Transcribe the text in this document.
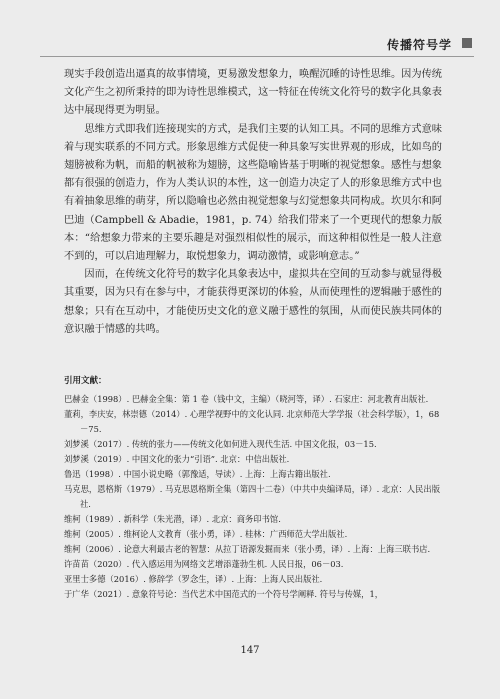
传播符号学

现实手段创造出逼真的故事情境，更易激发想象力，唤醒沉睡的诗性思维。因为传统文化产生之初所秉持的即为诗性思维模式，这一特征在传统文化符号的数字化具象表达中展现得更为明显。

思维方式即我们连接现实的方式，是我们主要的认知工具。不同的思维方式意味着与现实联系的不同方式。形象思维方式促使一种具象写实世界观的形成，比如鸟的翅膀被称为帆，而船的帆被称为翅膀，这些隐喻皆基于明晰的视觉想象。感性与想象都有很强的创造力，作为人类认识的本性，这一创造力决定了人的形象思维方式中也有着抽象思维的萌芽，所以隐喻也必然由视觉想象与幻觉想象共同构成。坎贝尔和阿巴迪（Campbell & Abadie，1981，p. 74）给我们带来了一个更现代的想象力版本：“给想象力带来的主要乐趣是对强烈相似性的展示，而这种相似性是一般人注意不到的，可以启迪理解力，取悦想象力，调动激情，或影响意志。”

因而，在传统文化符号的数字化具象表达中，虚拟共在空间的互动参与就显得极其重要，因为只有在参与中，才能获得更深切的体验，从而使理性的逻辑融于感性的想象；只有在互动中，才能使历史文化的意义融于感性的氛围，从而使民族共同体的意识融于情感的共鸣。

引用文献：
巴赫金（1998）. 巴赫金全集：第 1 卷（钱中文，主编）（晓河等，译）. 石家庄：河北教育出版社.
董莉，李庆安，林崇德（2014）. 心理学视野中的文化认同. 北京师范大学学报（社会科学版），1，68－75.
刘梦溪（2017）. 传统的张力——传统文化如何进入现代生活. 中国文化报，03－15.
刘梦溪（2019）. 中国文化的张力“引语”. 北京：中信出版社.
鲁迅（1998）. 中国小说史略（郭豫适，导读）. 上海：上海古籍出版社.
马克思，恩格斯（1979）. 马克思恩格斯全集（第四十二卷）（中共中央编译局，译）. 北京：人民出版社.
维柯（1989）. 新科学（朱光潜，译）. 北京：商务印书馆.
维柯（2005）. 维柯论人文教育（张小勇，译）. 桂林：广西师范大学出版社.
维柯（2006）. 论意大利最古老的智慧：从拉丁语源发掘而来（张小勇，译）. 上海：上海三联书店.
许苗苗（2020）. 代入感运用为网络文艺增添蓬勃生机. 人民日报，06－03.
亚里士多德（2016）. 修辞学（罗念生，译）. 上海：上海人民出版社.
于广华（2021）. 意象符号论：当代艺术中国范式的一个符号学阐释. 符号与传媒，1，
147
